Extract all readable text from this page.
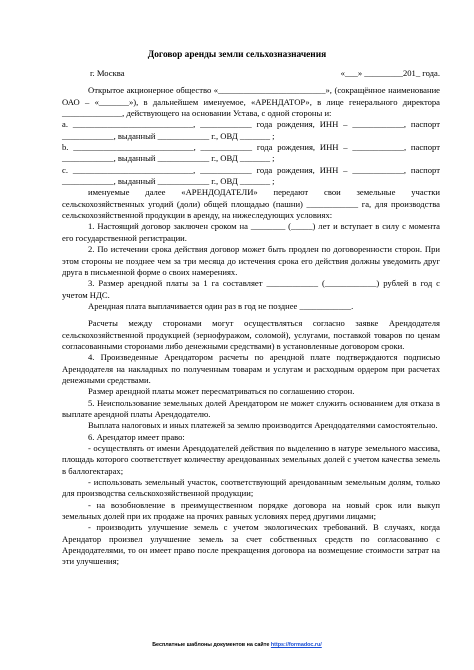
Договор аренды земли сельхозназначения
г. Москва	«___» _________201_ года.

Открытое акционерное общество «_________________________», (сокращённое наименование ОАО – «_______»), в дальнейшем именуемое, «АРЕНДАТОР», в лице генерального директора ______________, действующего на основании Устава, с одной стороны и:

а. ____________________________, ____________ года рождения, ИНН – ____________, паспорт ____________, выданный ____________ г., ОВД _______ ;

b. ____________________________, ____________ года рождения, ИНН – ____________, паспорт ____________, выданный ____________ г., ОВД _______ ;

с. ____________________________, ____________ года рождения, ИНН – ____________, паспорт ____________, выданный ____________ г., ОВД _______ ;

именуемые далее «АРЕНДОДАТЕЛИ» передают свои земельные участки сельскохозяйственных угодий (доли) общей площадью (пашни) ____________ га, для производства сельскохозяйственной продукции в аренду, на нижеследующих условиях:

1. Настоящий договор заключен сроком на ________ (_____) лет и вступает в силу с момента его государственной регистрации.

2. По истечении срока действия договор может быть продлен по договоренности сторон. При этом стороны не позднее чем за три месяца до истечения срока его действия должны уведомить друг друга в письменной форме о своих намерениях.

3. Размер арендной платы за 1 га составляет ____________ (____________) рублей в год с учетом НДС.

Арендная плата выплачивается один раз в год не позднее ____________.

Расчеты между сторонами могут осуществляться согласно заявке Арендодателя сельскохозяйственной продукцией (зернофуражом, соломой), услугами, поставкой товаров по ценам согласованными сторонами либо денежными средствами) в установленные договором сроки.

4. Произведенные Арендатором расчеты по арендной плате подтверждаются подписью Арендодателя на накладных по полученным товарам и услугам и расходным ордером при расчетах денежными средствами.

Размер арендной платы может пересматриваться по соглашению сторон.

5. Неиспользование земельных долей Арендатором не может служить основанием для отказа в выплате арендной платы Арендодателю.

Выплата налоговых и иных платежей за землю производится Арендодателями самостоятельно.

6. Арендатор имеет право:

- осуществлять от имени Арендодателей действия по выделению в натуре земельного массива, площадь которого соответствует количеству арендованных земельных долей с учетом качества земель в баллогектарах;

- использовать земельный участок, соответствующий арендованным земельным долям, только для производства сельскохозяйственной продукции;

- на возобновление в преимущественном порядке договора на новый срок или выкуп земельных долей при их продаже на прочих равных условиях перед другими лицами;

- производить улучшение земель с учетом экологических требований. В случаях, когда Арендатор произвел улучшение земель за счет собственных средств по согласованию с Арендодателями, то он имеет право после прекращения договора на возмещение стоимости затрат на эти улучшения;

Бесплатные шаблоны документов на сайте https://formadoc.ru/
